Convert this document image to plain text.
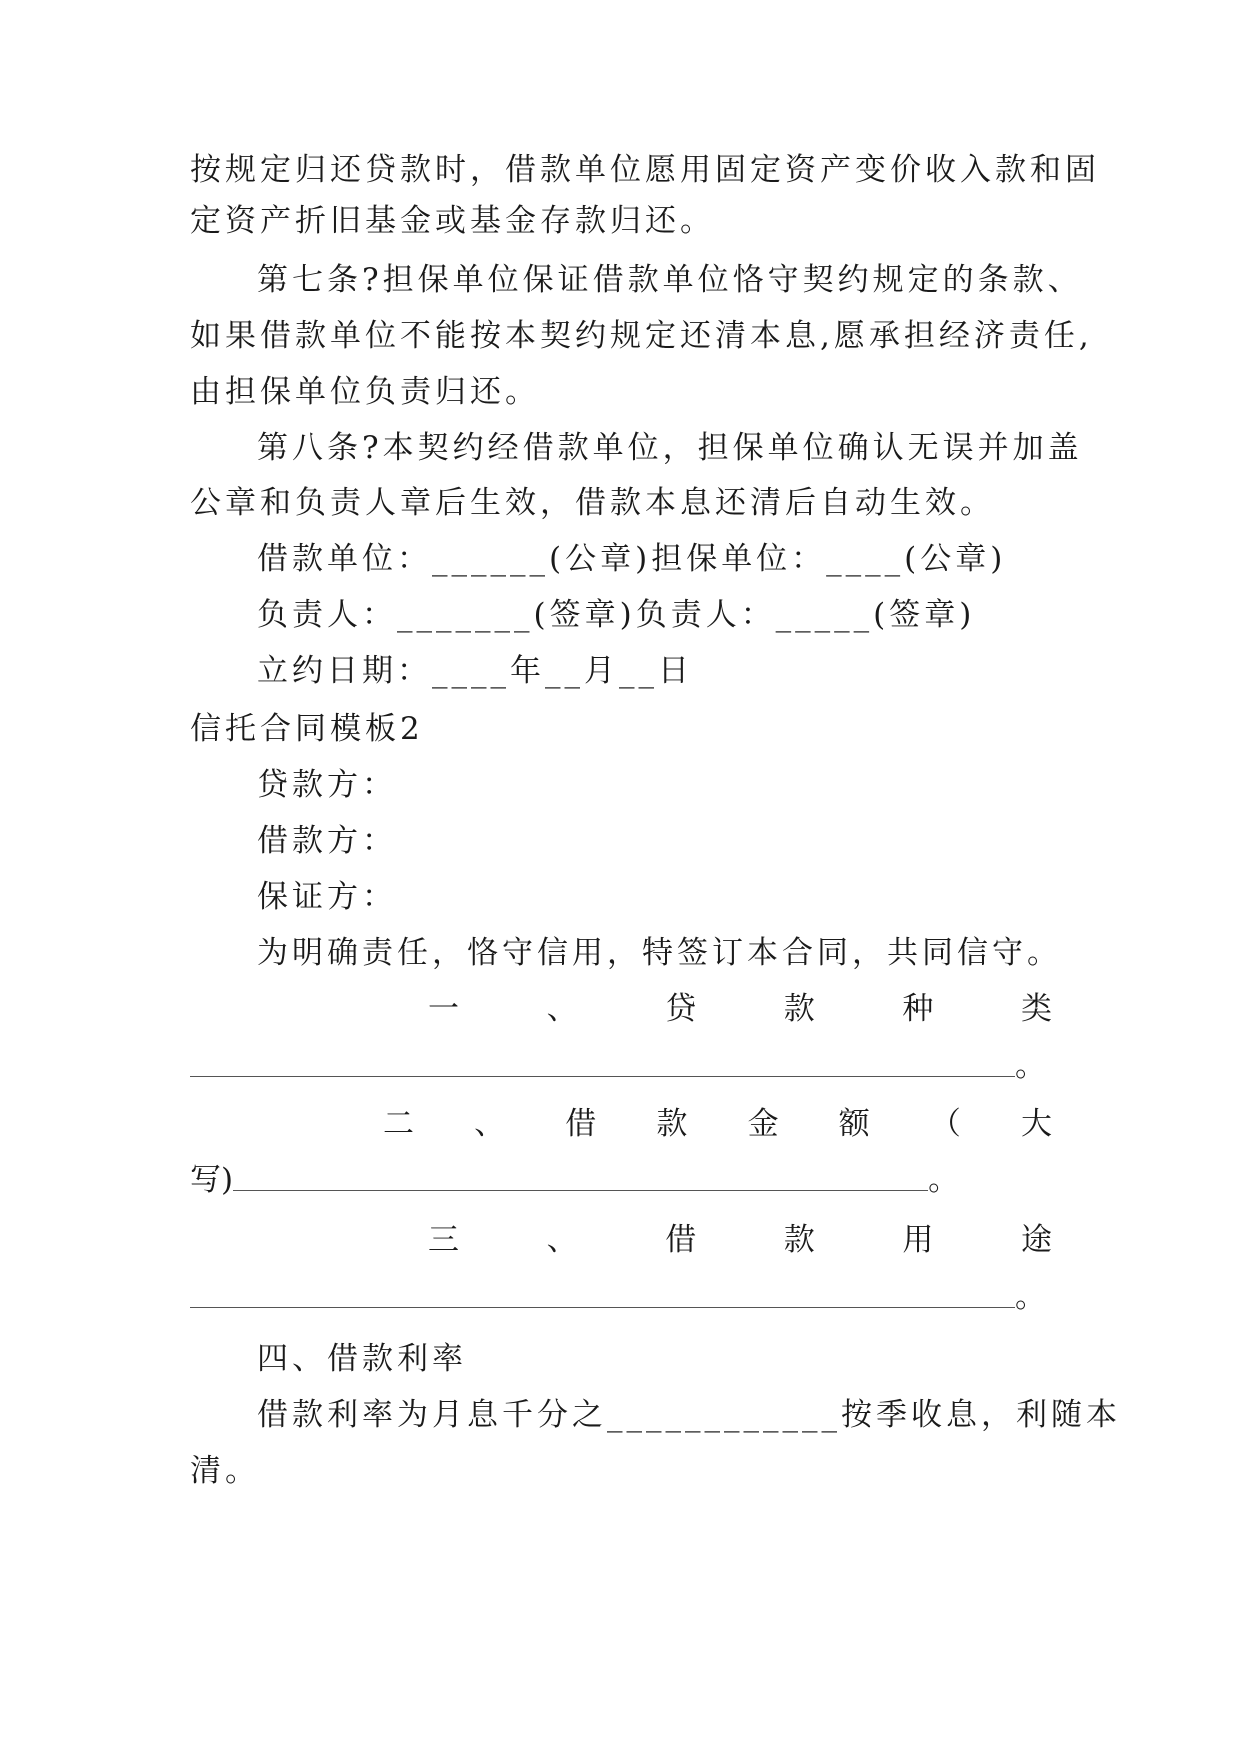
按规定归还贷款时，借款单位愿用固定资产变价收入款和固
定资产折旧基金或基金存款归还。
第七条?担保单位保证借款单位恪守契约规定的条款、
如果借款单位不能按本契约规定还清本息,愿承担经济责任,
由担保单位负责归还。
第八条?本契约经借款单位，担保单位确认无误并加盖
公章和负责人章后生效，借款本息还清后自动生效。
借款单位：______(公章)担保单位：____(公章)
负责人：_______(签章)负责人：_____(签章)
立约日期：____年__月__日
信托合同模板2
贷款方：
借款方：
保证方：
为明确责任，恪守信用，特签订本合同，共同信守。
一	、	贷	款	种	类
。
二 、 借 款 金 额 （ 大
写)	。
三	、	借	款	用	途
。
四、借款利率
借款利率为月息千分之____________按季收息，利随本
清。
